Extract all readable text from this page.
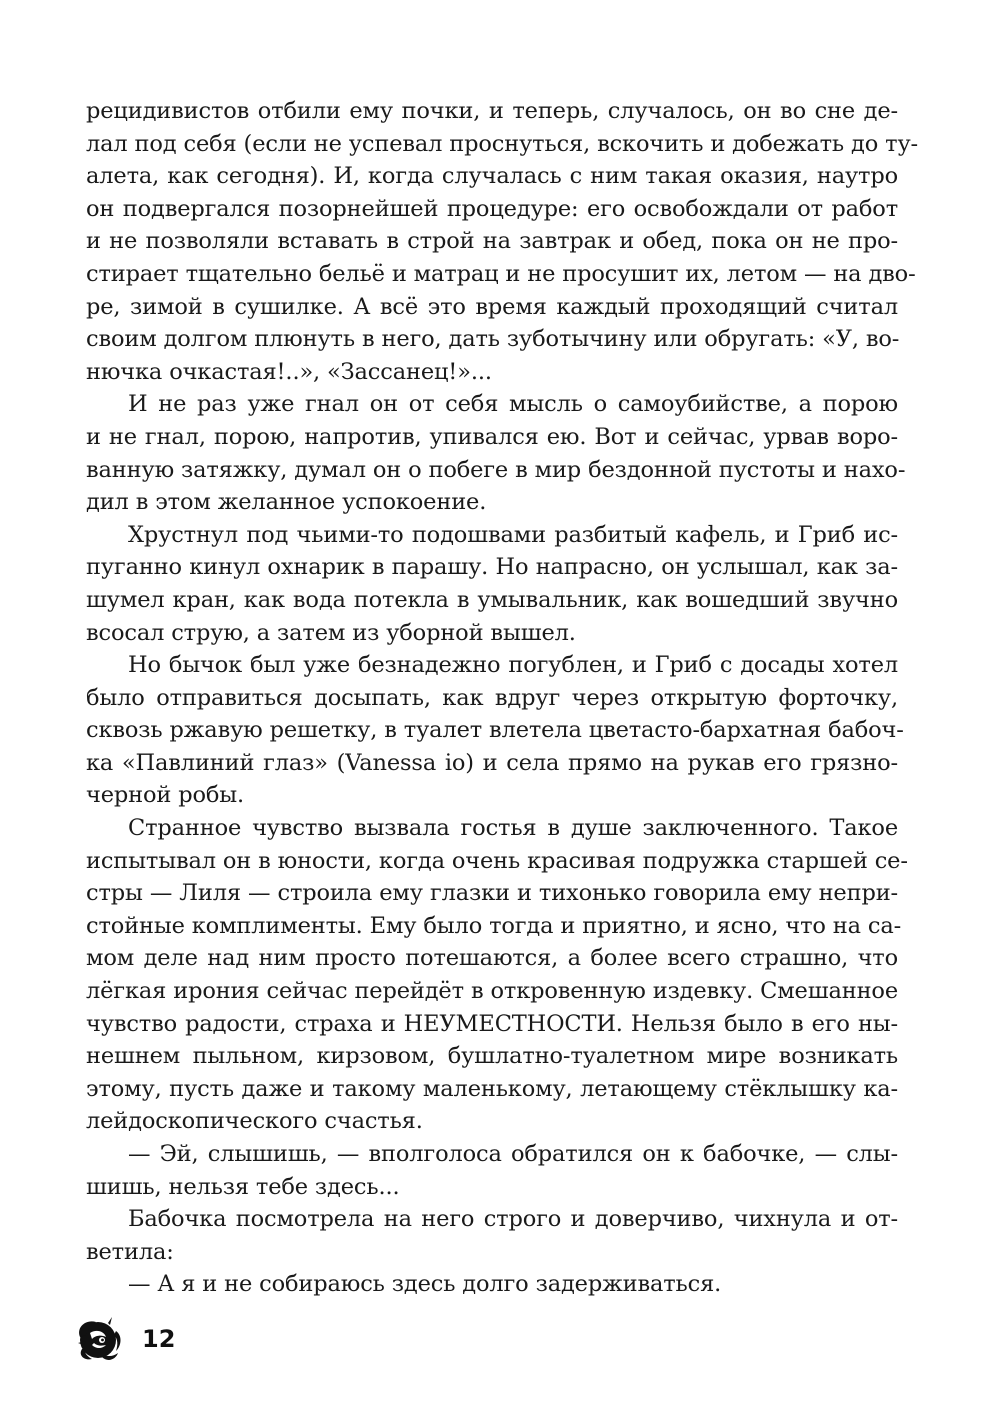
рецидивистов отбили ему почки, и теперь, случалось, он во сне де-
лал под себя (если не успевал проснуться, вскочить и добежать до ту-
алета, как сегодня). И, когда случалась с ним такая оказия, наутро
он подвергался позорнейшей процедуре: его освобождали от работ
и не позволяли вставать в строй на завтрак и обед, пока он не про-
стирает тщательно бельё и матрац и не просушит их, летом — на дво-
ре, зимой в сушилке. А всё это время каждый проходящий считал
своим долгом плюнуть в него, дать зуботычину или обругать: «У, во-
нючка очкастая!..», «Зассанец!»...
И не раз уже гнал он от себя мысль о самоубийстве, а порою
и не гнал, порою, напротив, упивался ею. Вот и сейчас, урвав воро-
ванную затяжку, думал он о побеге в мир бездонной пустоты и нахо-
дил в этом желанное успокоение.
Хрустнул под чьими-то подошвами разбитый кафель, и Гриб ис-
пуганно кинул охнарик в парашу. Но напрасно, он услышал, как за-
шумел кран, как вода потекла в умывальник, как вошедший звучно
всосал струю, а затем из уборной вышел.
Но бычок был уже безнадежно погублен, и Гриб с досады хотел
было отправиться досыпать, как вдруг через открытую форточку,
сквозь ржавую решетку, в туалет влетела цветасто-бархатная бабоч-
ка «Павлиний глаз» (Vanessa io) и села прямо на рукав его грязно-
черной робы.
Странное чувство вызвала гостья в душе заключенного. Такое
испытывал он в юности, когда очень красивая подружка старшей се-
стры — Лиля — строила ему глазки и тихонько говорила ему непри-
стойные комплименты. Ему было тогда и приятно, и ясно, что на са-
мом деле над ним просто потешаются, а более всего страшно, что
лёгкая ирония сейчас перейдёт в откровенную издевку. Смешанное
чувство радости, страха и НЕУМЕСТНОСТИ. Нельзя было в его ны-
нешнем пыльном, кирзовом, бушлатно-туалетном мире возникать
этому, пусть даже и такому маленькому, летающему стёклышку ка-
лейдоскопического счастья.
— Эй, слышишь, — вполголоса обратился он к бабочке, — слы-
шишь, нельзя тебе здесь...
Бабочка посмотрела на него строго и доверчиво, чихнула и от-
ветила:
— А я и не собираюсь здесь долго задерживаться.
12
